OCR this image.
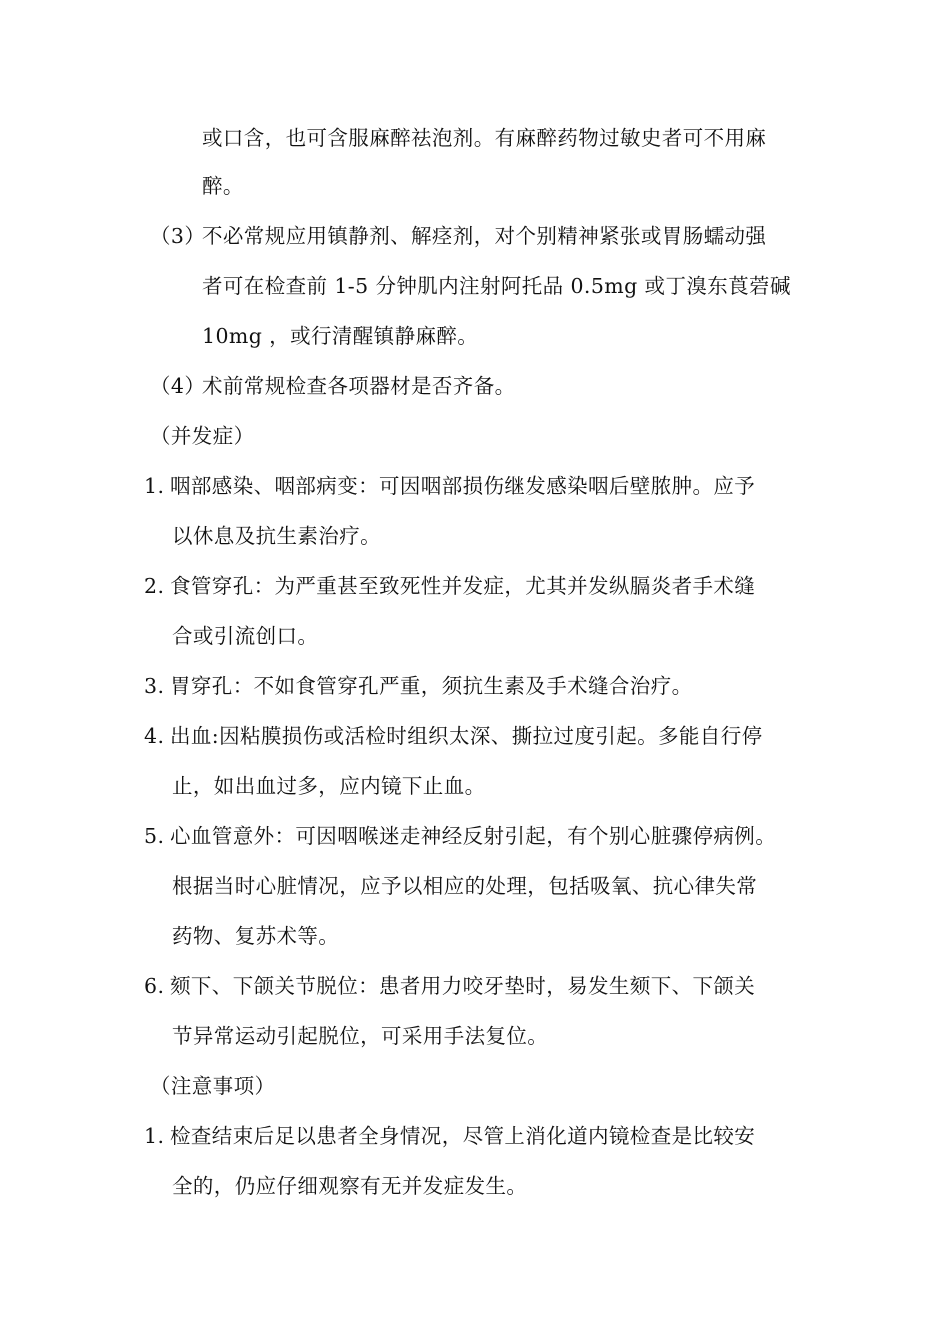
或口含，也可含服麻醉祛泡剂。有麻醉药物过敏史者可不用麻
醉。
（3）不必常规应用镇静剂、解痉剂，对个别精神紧张或胃肠蠕动强
者可在检查前 1-5 分钟肌内注射阿托品 0.5mg 或丁溴东莨菪碱
10mg ，或行清醒镇静麻醉。
（4）术前常规检查各项器材是否齐备。
（并发症）
1. 咽部感染、咽部病变：可因咽部损伤继发感染咽后壁脓肿。应予
以休息及抗生素治疗。
2. 食管穿孔：为严重甚至致死性并发症，尤其并发纵膈炎者手术缝
合或引流创口。
3. 胃穿孔：不如食管穿孔严重，须抗生素及手术缝合治疗。
4. 出血:因粘膜损伤或活检时组织太深、撕拉过度引起。多能自行停
止，如出血过多，应内镜下止血。
5. 心血管意外：可因咽喉迷走神经反射引起，有个别心脏骤停病例。
根据当时心脏情况，应予以相应的处理，包括吸氧、抗心律失常
药物、复苏术等。
6. 颏下、下颌关节脱位：患者用力咬牙垫时，易发生颏下、下颌关
节异常运动引起脱位，可采用手法复位。
（注意事项）
1. 检查结束后足以患者全身情况，尽管上消化道内镜检查是比较安
全的，仍应仔细观察有无并发症发生。
